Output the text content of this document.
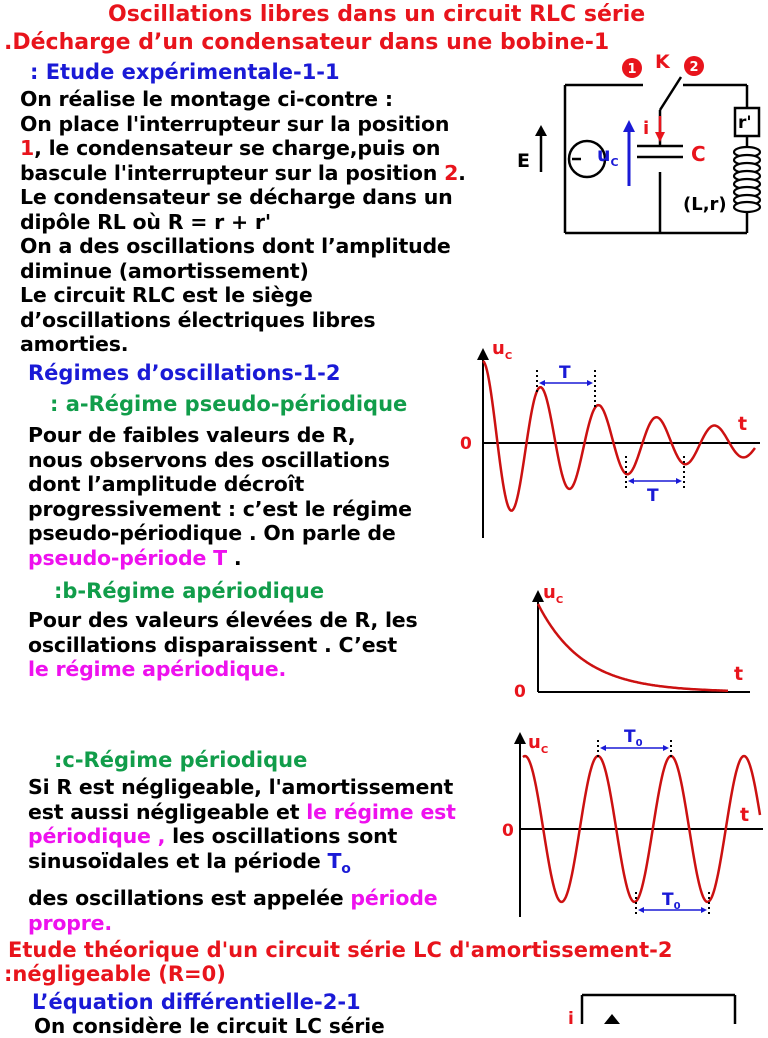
Oscillations libres dans un circuit RLC série
.Décharge d’un condensateur dans une bobine-1
: Etude expérimentale-1-1
On réalise le montage ci-contre :
On place l'interrupteur sur la position
1, le condensateur se charge,puis on
bascule l'interrupteur sur la position 2.
Le condensateur se décharge dans un
dipôle RL où R = r + r'
On a des oscillations dont l’amplitude
diminue (amortissement)
Le circuit RLC est le siège
d’oscillations électriques libres
amorties.
1	2
K
E	$u_C$
i
C
r'
(L,r)
Régimes d’oscillations-1-2
: a-Régime pseudo-périodique
Pour de faibles valeurs de R,
nous observons des oscillations
dont l’amplitude décroît
progressivement : c’est le régime
pseudo-périodique . On parle de
pseudo-période T .
T
T
$u_C$
t
0
:b-Régime apériodique
Pour des valeurs élevées de R, les
oscillations disparaissent . C’est
le régime apériodique.
$u_C$
t
0
:c-Régime périodique
Si R est négligeable, l'amortissement
est aussi négligeable et le régime est
périodique , les oscillations sont
sinusoïdales et la période $T_o$
des oscillations est appelée période
propre.
$T_0$
$T_0$
$u_C$
t
0
Etude théorique d'un circuit série LC d'amortissement-2
:négligeable (R=0)
L’équation différentielle-2-1
On considère le circuit LC série	i
